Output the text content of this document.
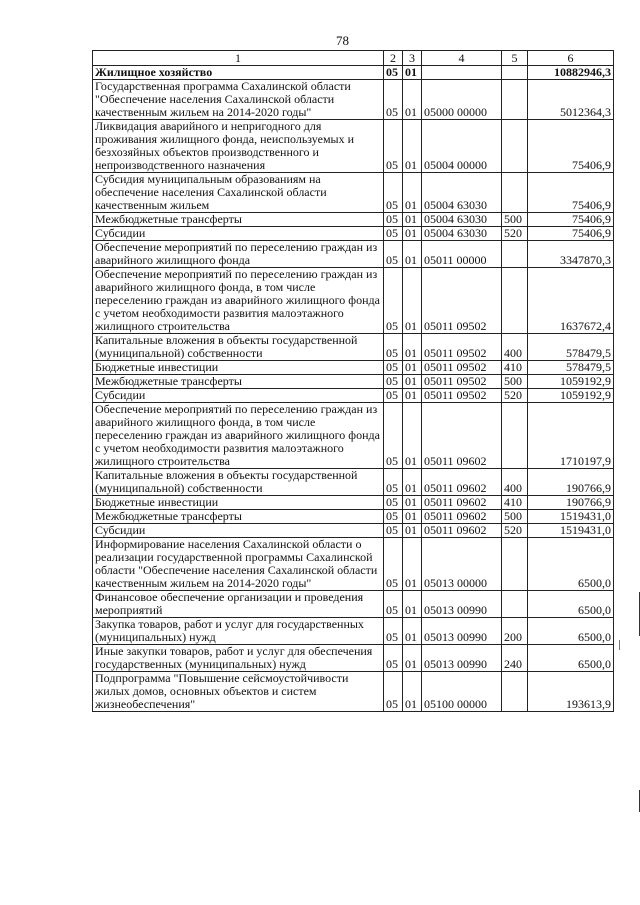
78
1	2	3	4	5	6
Жилищное хозяйство	05	01			10882946,3
Государственная программа Сахалинской области "Обеспечение населения Сахалинской области качественным жильем на 2014-2020 годы"	05	01	05000 00000		5012364,3
Ликвидация аварийного и непригодного для проживания жилищного фонда, неиспользуемых и безхозяйных объектов производственного и непроизводственного назначения	05	01	05004 00000		75406,9
Субсидия муниципальным образованиям на обеспечение населения Сахалинской области качественным жильем	05	01	05004 63030		75406,9
Межбюджетные трансферты	05	01	05004 63030	500	75406,9
Субсидии	05	01	05004 63030	520	75406,9
Обеспечение мероприятий по переселению граждан из аварийного жилищного фонда	05	01	05011 00000		3347870,3
Обеспечение мероприятий по переселению граждан из аварийного жилищного фонда, в том числе переселению граждан из аварийного жилищного фонда с учетом необходимости развития малоэтажного жилищного строительства	05	01	05011 09502		1637672,4
Капитальные вложения в объекты государственной (муниципальной) собственности	05	01	05011 09502	400	578479,5
Бюджетные инвестиции	05	01	05011 09502	410	578479,5
Межбюджетные трансферты	05	01	05011 09502	500	1059192,9
Субсидии	05	01	05011 09502	520	1059192,9
Обеспечение мероприятий по переселению граждан из аварийного жилищного фонда, в том числе переселению граждан из аварийного жилищного фонда с учетом необходимости развития малоэтажного жилищного строительства	05	01	05011 09602		1710197,9
Капитальные вложения в объекты государственной (муниципальной) собственности	05	01	05011 09602	400	190766,9
Бюджетные инвестиции	05	01	05011 09602	410	190766,9
Межбюджетные трансферты	05	01	05011 09602	500	1519431,0
Субсидии	05	01	05011 09602	520	1519431,0
Информирование населения Сахалинской области о реализации государственной программы Сахалинской области "Обеспечение населения Сахалинской области качественным жильем на 2014-2020 годы"	05	01	05013 00000		6500,0
Финансовое обеспечение организации и проведения мероприятий	05	01	05013 00990		6500,0
Закупка товаров, работ и услуг для государственных (муниципальных) нужд	05	01	05013 00990	200	6500,0
Иные закупки товаров, работ и услуг для обеспечения государственных (муниципальных) нужд	05	01	05013 00990	240	6500,0
Подпрограмма "Повышение сейсмоустойчивости жилых домов, основных объектов и систем жизнеобеспечения"	05	01	05100 00000		193613,9
